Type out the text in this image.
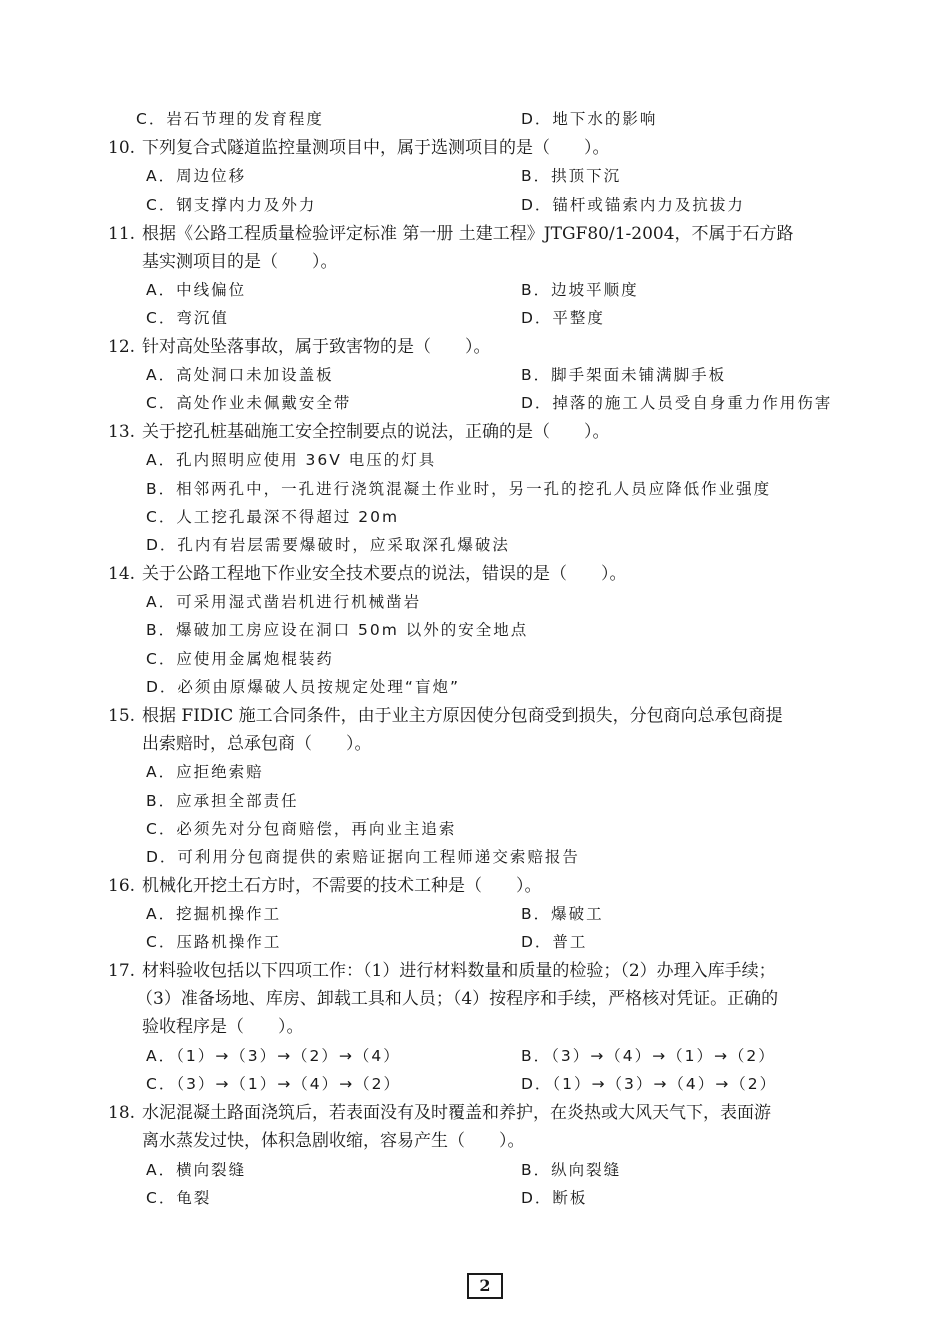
C．岩石节理的发育程度	D．地下水的影响
10. 下列复合式隧道监控量测项目中，属于选测项目的是（　　）。
A．周边位移	B．拱顶下沉
C．钢支撑内力及外力	D．锚杆或锚索内力及抗拔力
11. 根据《公路工程质量检验评定标准 第一册 土建工程》JTGF80/1-2004，不属于石方路
基实测项目的是（　　）。
A．中线偏位	B．边坡平顺度
C．弯沉值	D．平整度
12. 针对高处坠落事故，属于致害物的是（　　）。
A．高处洞口未加设盖板	B．脚手架面未铺满脚手板
C．高处作业未佩戴安全带	D．掉落的施工人员受自身重力作用伤害
13. 关于挖孔桩基础施工安全控制要点的说法，正确的是（　　）。
A．孔内照明应使用 36V 电压的灯具
B．相邻两孔中，一孔进行浇筑混凝土作业时，另一孔的挖孔人员应降低作业强度
C．人工挖孔最深不得超过 20m
D．孔内有岩层需要爆破时，应采取深孔爆破法
14. 关于公路工程地下作业安全技术要点的说法，错误的是（　　）。
A．可采用湿式凿岩机进行机械凿岩
B．爆破加工房应设在洞口 50m 以外的安全地点
C．应使用金属炮棍装药
D．必须由原爆破人员按规定处理“盲炮”
15. 根据 FIDIC 施工合同条件，由于业主方原因使分包商受到损失，分包商向总承包商提
出索赔时，总承包商（　　）。
A．应拒绝索赔
B．应承担全部责任
C．必须先对分包商赔偿，再向业主追索
D．可利用分包商提供的索赔证据向工程师递交索赔报告
16. 机械化开挖土石方时，不需要的技术工种是（　　）。
A．挖掘机操作工	B．爆破工
C．压路机操作工	D．普工
17. 材料验收包括以下四项工作：（1）进行材料数量和质量的检验；（2）办理入库手续；
（3）准备场地、库房、卸载工具和人员；（4）按程序和手续，严格核对凭证。正确的
验收程序是（　　）。
A．（1）→（3）→（2）→（4）	B．（3）→（4）→（1）→（2）
C．（3）→（1）→（4）→（2）	D．（1）→（3）→（4）→（2）
18. 水泥混凝土路面浇筑后，若表面没有及时覆盖和养护，在炎热或大风天气下，表面游
离水蒸发过快，体积急剧收缩，容易产生（　　）。
A．横向裂缝	B．纵向裂缝
C．龟裂	D．断板
2
